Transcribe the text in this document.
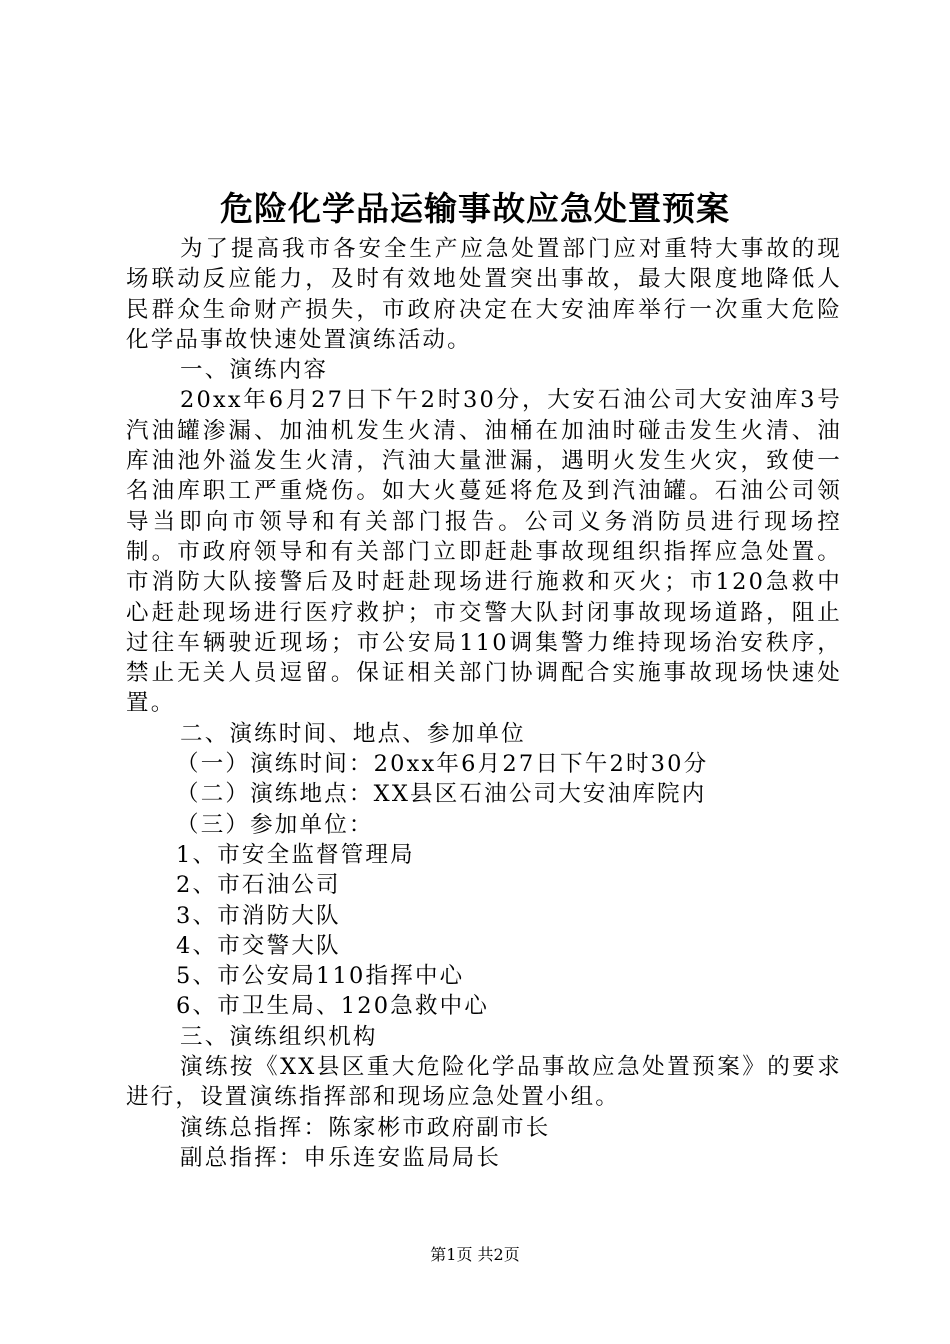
危险化学品运输事故应急处置预案

为了提高我市各安全生产应急处置部门应对重特大事故的现场联动反应能力，及时有效地处置突出事故，最大限度地降低人民群众生命财产损失，市政府决定在大安油库举行一次重大危险化学品事故快速处置演练活动。

一、演练内容

20xx年6月27日下午2时30分，大安石油公司大安油库3号汽油罐渗漏、加油机发生火清、油桶在加油时碰击发生火清、油库油池外溢发生火清，汽油大量泄漏，遇明火发生火灾，致使一名油库职工严重烧伤。如大火蔓延将危及到汽油罐。石油公司领导当即向市领导和有关部门报告。公司义务消防员进行现场控制。市政府领导和有关部门立即赶赴事故现组织指挥应急处置。市消防大队接警后及时赶赴现场进行施救和灭火；市120急救中心赶赴现场进行医疗救护；市交警大队封闭事故现场道路，阻止过往车辆驶近现场；市公安局110调集警力维持现场治安秩序，禁止无关人员逗留。保证相关部门协调配合实施事故现场快速处置。

二、演练时间、地点、参加单位

（一）演练时间：20xx年6月27日下午2时30分

（二）演练地点：XX县区石油公司大安油库院内

（三）参加单位：

1、市安全监督管理局

2、市石油公司

3、市消防大队

4、市交警大队

5、市公安局110指挥中心

6、市卫生局、120急救中心

三、演练组织机构

演练按《XX县区重大危险化学品事故应急处置预案》的要求进行，设置演练指挥部和现场应急处置小组。

演练总指挥：陈家彬市政府副市长

副总指挥：申乐连安监局局长

第1页 共2页
